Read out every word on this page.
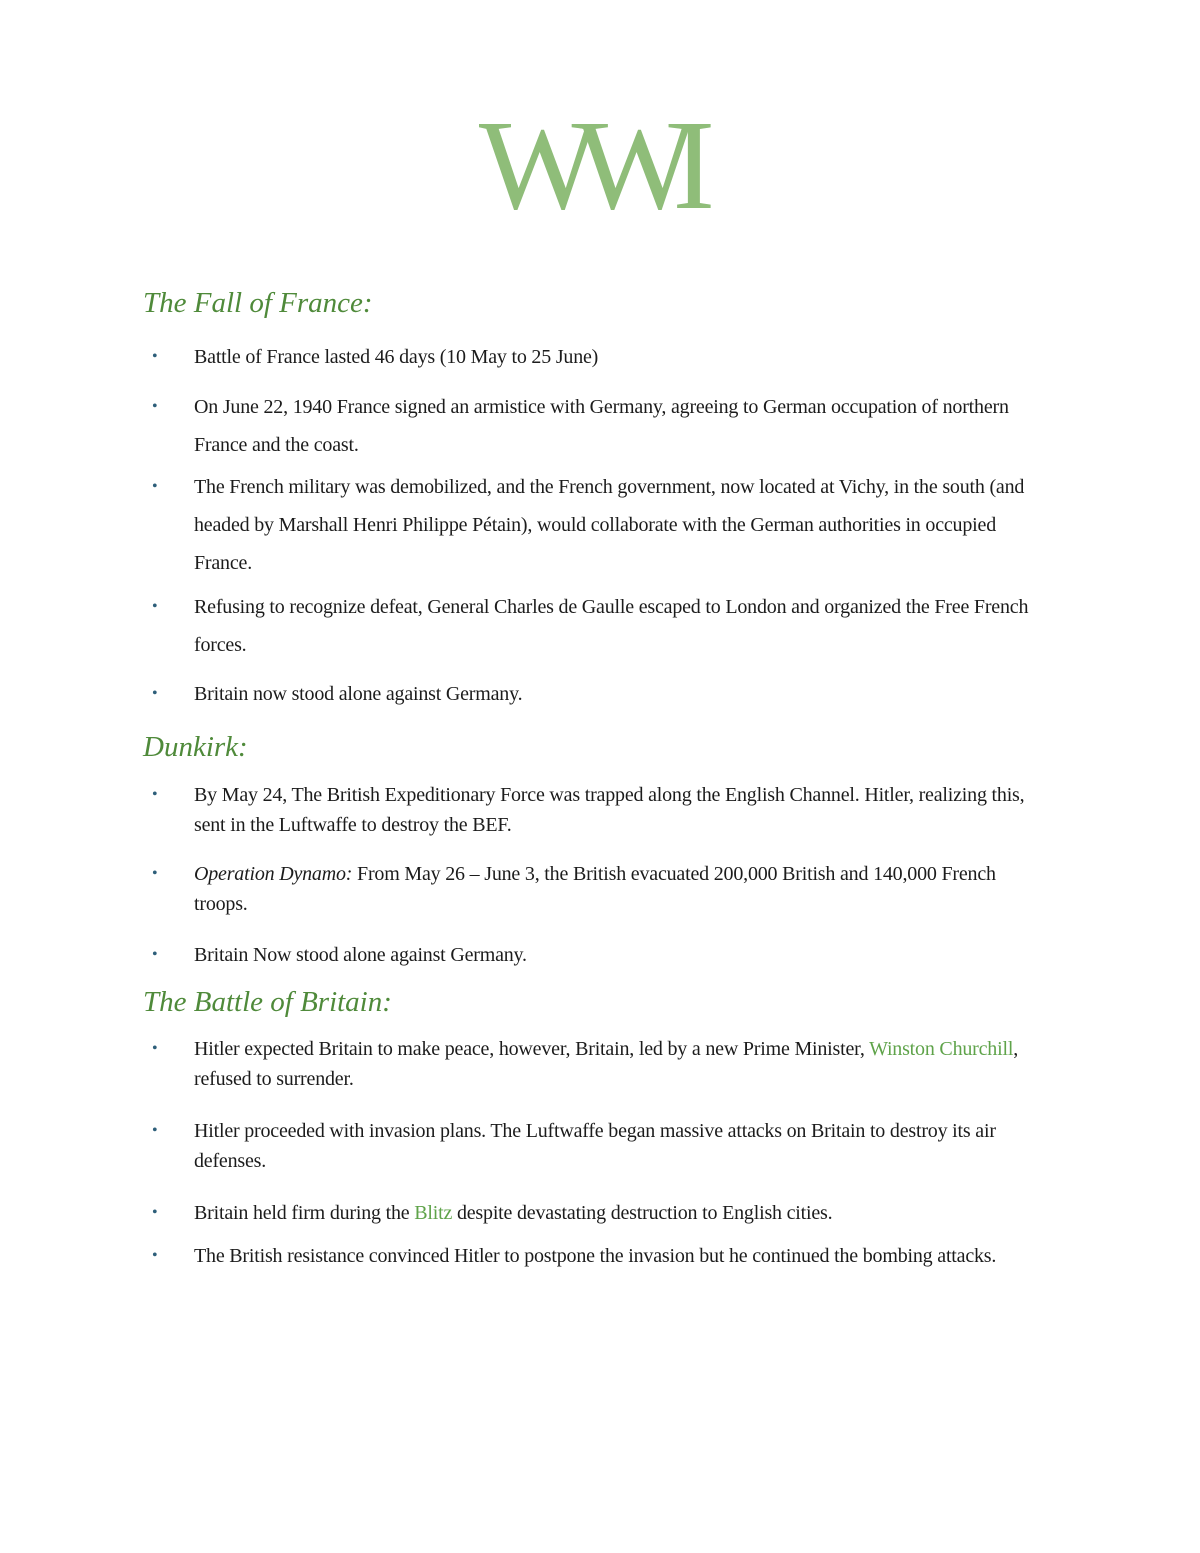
WWI
The Fall of France:
• Battle of France lasted 46 days (10 May to 25 June)
• On June 22, 1940 France signed an armistice with Germany, agreeing to German occupation of northern France and the coast.
• The French military was demobilized, and the French government, now located at Vichy, in the south (and headed by Marshall Henri Philippe Pétain), would collaborate with the German authorities in occupied France.
• Refusing to recognize defeat, General Charles de Gaulle escaped to London and organized the Free French forces.
• Britain now stood alone against Germany.
Dunkirk:
• By May 24, The British Expeditionary Force was trapped along the English Channel. Hitler, realizing this, sent in the Luftwaffe to destroy the BEF.
• Operation Dynamo: From May 26 – June 3, the British evacuated 200,000 British and 140,000 French troops.
• Britain Now stood alone against Germany.
The Battle of Britain:
• Hitler expected Britain to make peace, however, Britain, led by a new Prime Minister, Winston Churchill, refused to surrender.
• Hitler proceeded with invasion plans. The Luftwaffe began massive attacks on Britain to destroy its air defenses.
• Britain held firm during the Blitz despite devastating destruction to English cities.
• The British resistance convinced Hitler to postpone the invasion but he continued the bombing attacks.
